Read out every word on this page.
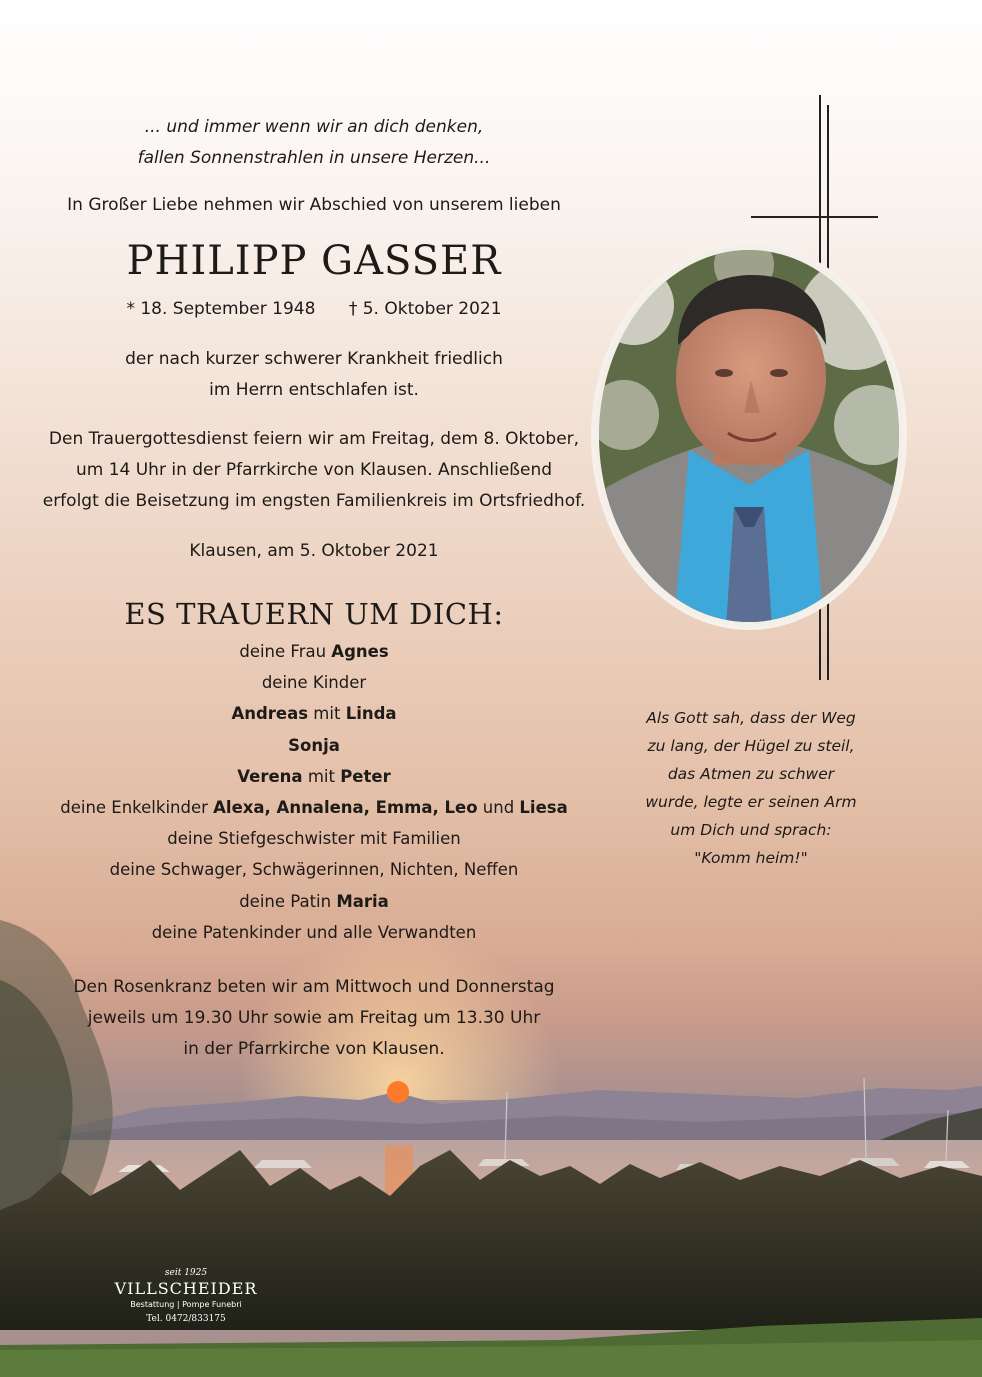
... und immer wenn wir an dich denken,
fallen Sonnenstrahlen in unsere Herzen...
In Großer Liebe nehmen wir Abschied von unserem lieben
PHILIPP GASSER
* 18. September 1948 † 5. Oktober 2021
der nach kurzer schwerer Krankheit friedlich
im Herrn entschlafen ist.
Den Trauergottesdienst feiern wir am Freitag, dem 8. Oktober,
um 14 Uhr in der Pfarrkirche von Klausen. Anschließend
erfolgt die Beisetzung im engsten Familienkreis im Ortsfriedhof.
Klausen, am 5. Oktober 2021
ES TRAUERN UM DICH:
deine Frau Agnes
deine Kinder
Andreas mit Linda
Sonja
Verena mit Peter
deine Enkelkinder Alexa, Annalena, Emma, Leo und Liesa
deine Stiefgeschwister mit Familien
deine Schwager, Schwägerinnen, Nichten, Neffen
deine Patin Maria
deine Patenkinder und alle Verwandten
Den Rosenkranz beten wir am Mittwoch und Donnerstag
jeweils um 19.30 Uhr sowie am Freitag um 13.30 Uhr
in der Pfarrkirche von Klausen.
Als Gott sah, dass der Weg
zu lang, der Hügel zu steil,
das Atmen zu schwer
wurde, legte er seinen Arm
um Dich und sprach:
"Komm heim!"
seit 1925
VILLSCHEIDER
Bestattung | Pompe Funebri
Tel. 0472/833175
